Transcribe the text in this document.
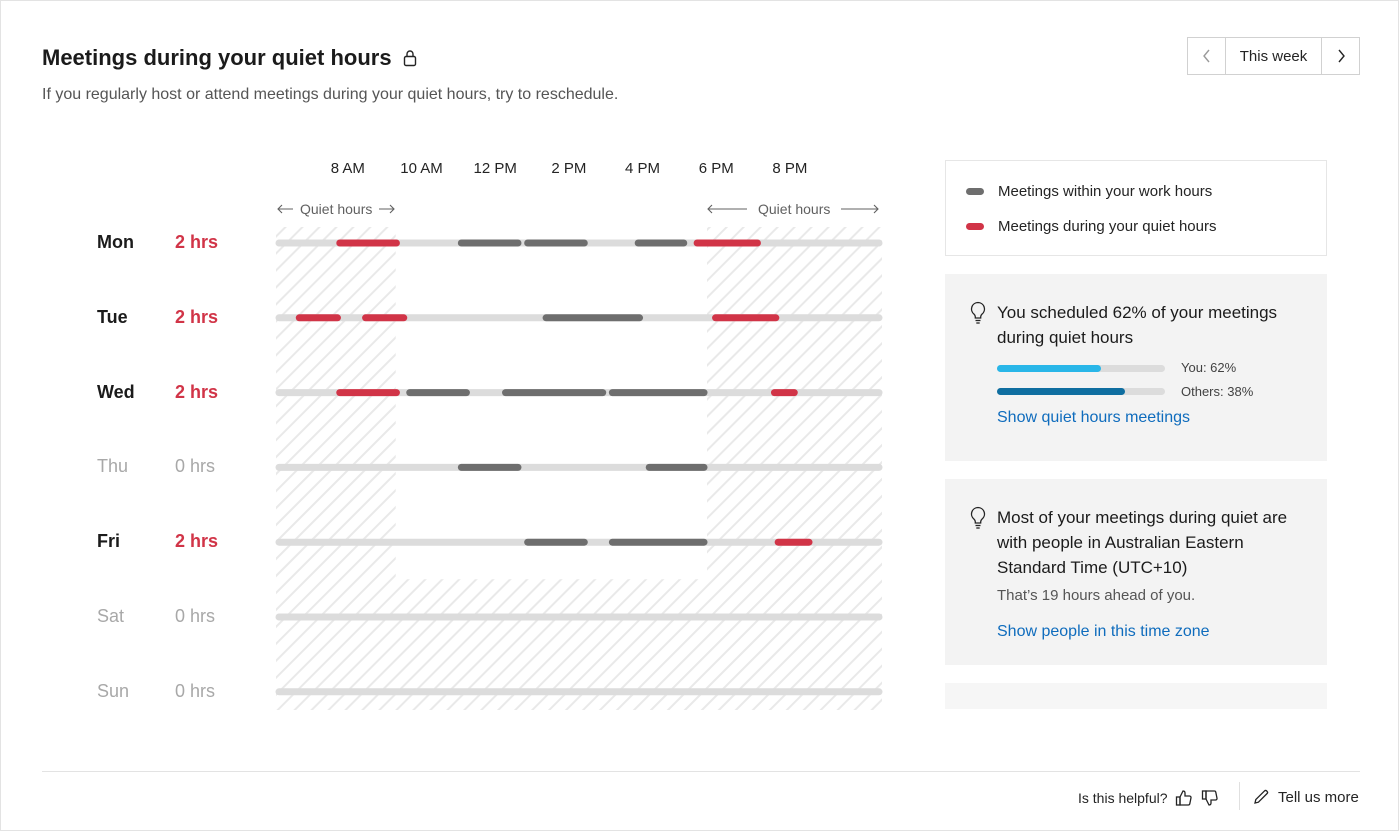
Meetings during your quiet hours
If you regularly host or attend meetings during your quiet hours, try to reschedule.
This week
8 AM 10 AM 12 PM 2 PM	4 PM	6 PM	8 PM
Quiet hours	Quiet hours
Mon 2 hrs
Tue	2 hrs
Wed 2 hrs
Thu	0 hrs
Fri	2 hrs
Sat	0 hrs
Sun	0 hrs
Meetings within your work hours
Meetings during your quiet hours
You scheduled 62% of your meetings during quiet hours
You: 62%
Others: 38%
Show quiet hours meetings
Most of your meetings during quiet are with people in Australian Eastern Standard Time (UTC+10)
That’s 19 hours ahead of you.
Show people in this time zone
Is this helpful?	Tell us more
